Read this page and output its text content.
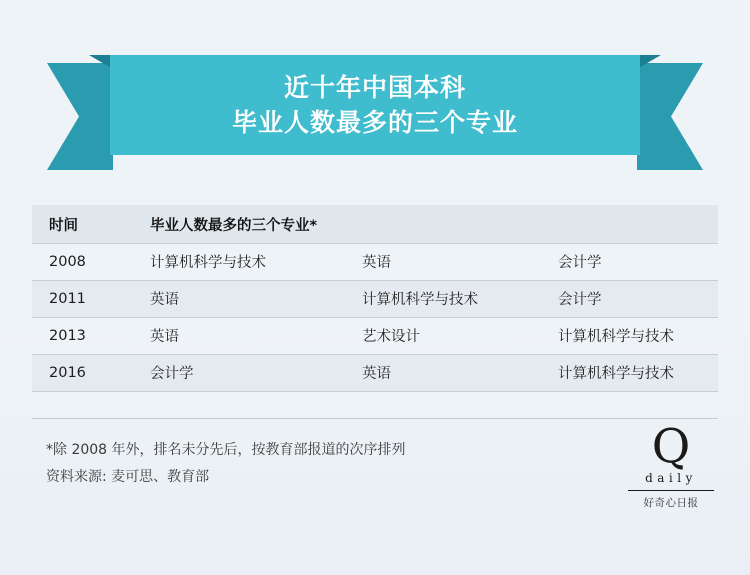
近十年中国本科
毕业人数最多的三个专业
时间	毕业人数最多的三个专业*
2008	计算机科学与技术	英语	会计学
2011	英语	计算机科学与技术	会计学
2013	英语	艺术设计	计算机科学与技术
2016	会计学	英语	计算机科学与技术
*除 2008 年外，排名未分先后，按教育部报道的次序排列
资料来源: 麦可思、教育部
Q
daily
好奇心日报
